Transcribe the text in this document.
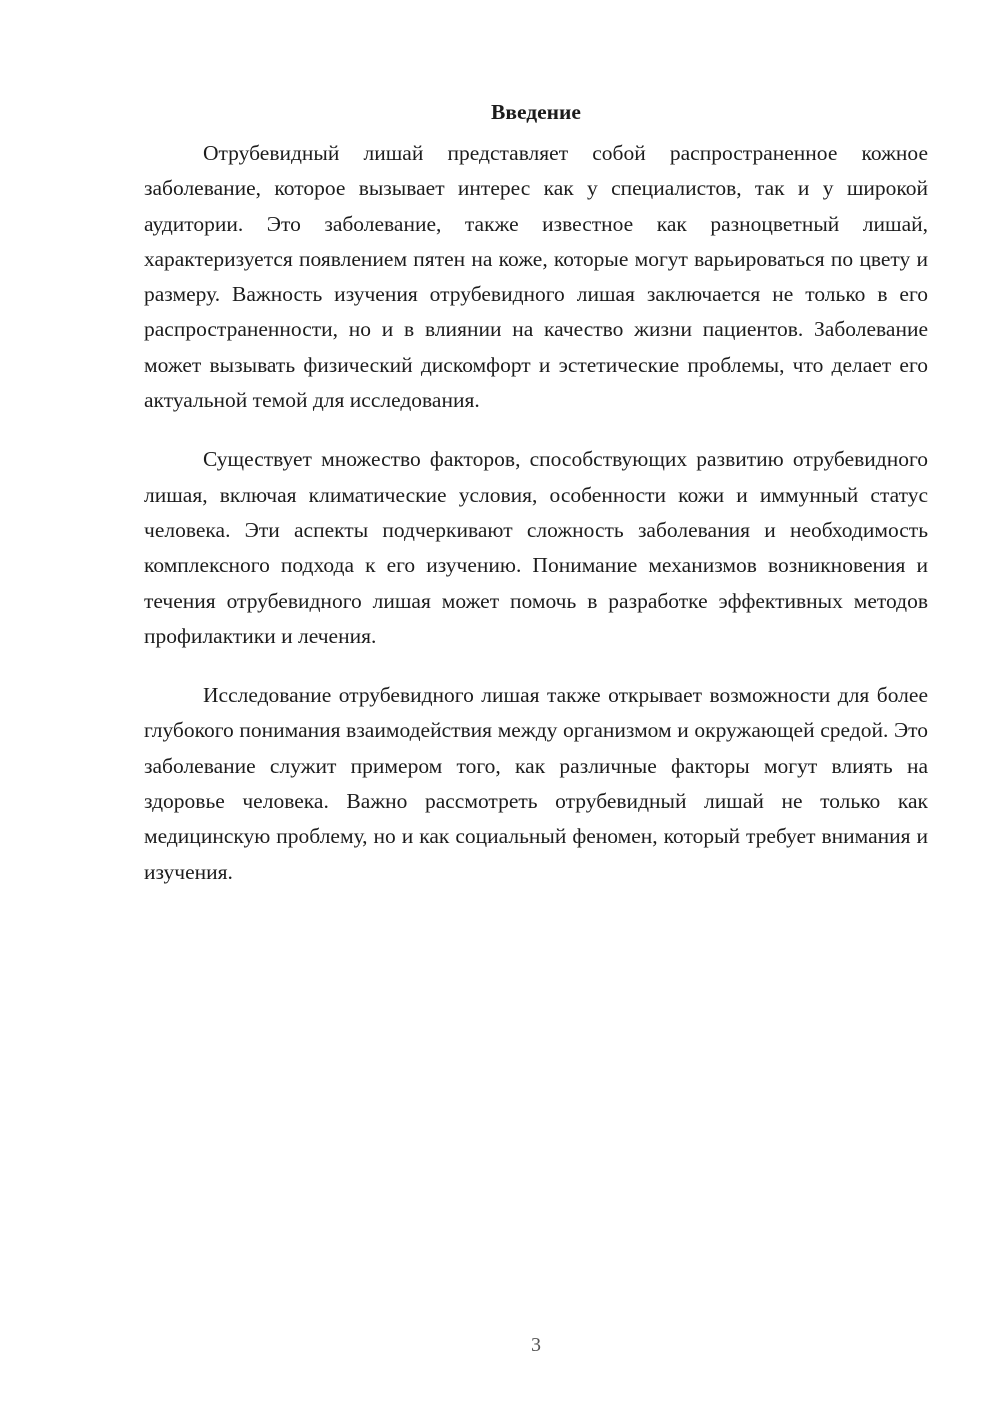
Введение

Отрубевидный лишай представляет собой распространенное кожное заболевание, которое вызывает интерес как у специалистов, так и у широкой аудитории. Это заболевание, также известное как разноцветный лишай, характеризуется появлением пятен на коже, которые могут варьироваться по цвету и размеру. Важность изучения отрубевидного лишая заключается не только в его распространенности, но и в влиянии на качество жизни пациентов. Заболевание может вызывать физический дискомфорт и эстетические проблемы, что делает его актуальной темой для исследования.

Существует множество факторов, способствующих развитию отрубевидного лишая, включая климатические условия, особенности кожи и иммунный статус человека. Эти аспекты подчеркивают сложность заболевания и необходимость комплексного подхода к его изучению. Понимание механизмов возникновения и течения отрубевидного лишая может помочь в разработке эффективных методов профилактики и лечения.

Исследование отрубевидного лишая также открывает возможности для более глубокого понимания взаимодействия между организмом и окружающей средой. Это заболевание служит примером того, как различные факторы могут влиять на здоровье человека. Важно рассмотреть отрубевидный лишай не только как медицинскую проблему, но и как социальный феномен, который требует внимания и изучения.

3
